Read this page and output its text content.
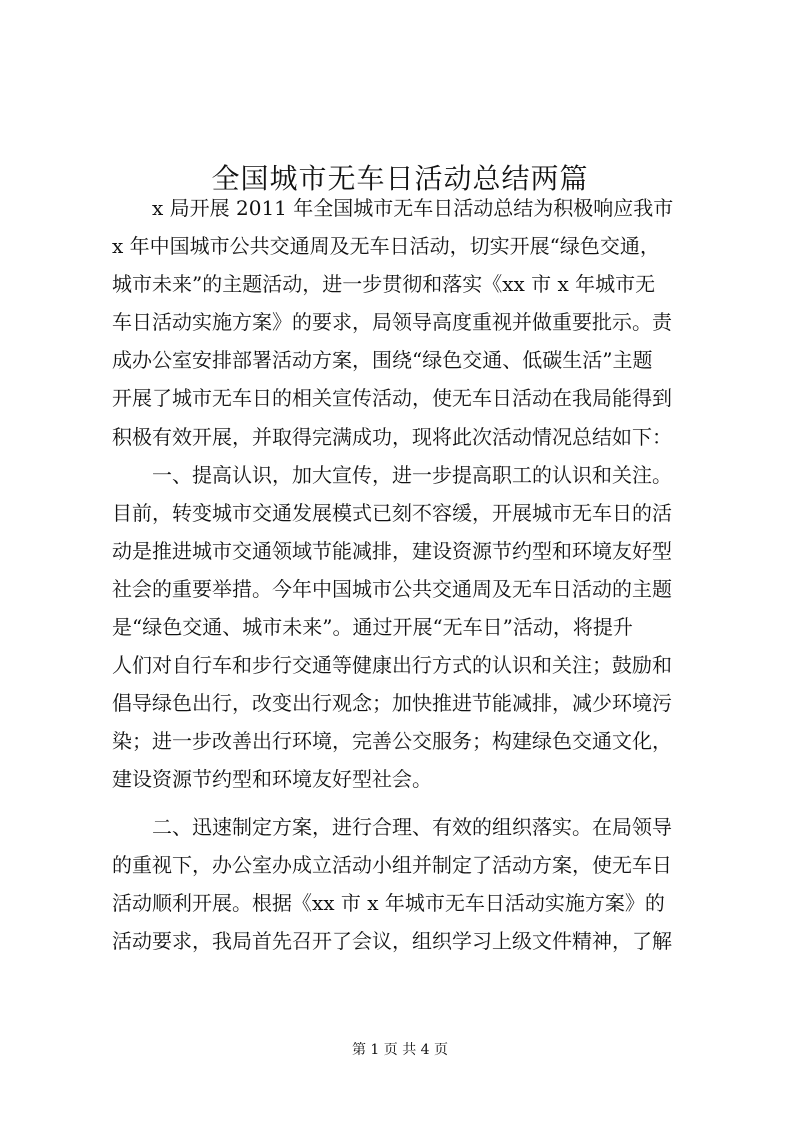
全国城市无车日活动总结两篇
x 局开展 2011 年全国城市无车日活动总结为积极响应我市
x 年中国城市公共交通周及无车日活动，切实开展“绿色交通，
城市未来”的主题活动，进一步贯彻和落实《xx 市 x 年城市无
车日活动实施方案》的要求，局领导高度重视并做重要批示。责
成办公室安排部署活动方案，围绕“绿色交通、低碳生活”主题
开展了城市无车日的相关宣传活动，使无车日活动在我局能得到
积极有效开展，并取得完满成功，现将此次活动情况总结如下：
一、提高认识，加大宣传，进一步提高职工的认识和关注。
目前，转变城市交通发展模式已刻不容缓，开展城市无车日的活
动是推进城市交通领域节能减排，建设资源节约型和环境友好型
社会的重要举措。今年中国城市公共交通周及无车日活动的主题
是“绿色交通、城市未来”。通过开展“无车日”活动，将提升
人们对自行车和步行交通等健康出行方式的认识和关注；鼓励和
倡导绿色出行，改变出行观念；加快推进节能减排，减少环境污
染；进一步改善出行环境，完善公交服务；构建绿色交通文化，
建设资源节约型和环境友好型社会。
二、迅速制定方案，进行合理、有效的组织落实。在局领导
的重视下，办公室办成立活动小组并制定了活动方案，使无车日
活动顺利开展。根据《xx 市 x 年城市无车日活动实施方案》的
活动要求，我局首先召开了会议，组织学习上级文件精神，了解
第 1 页 共 4 页
